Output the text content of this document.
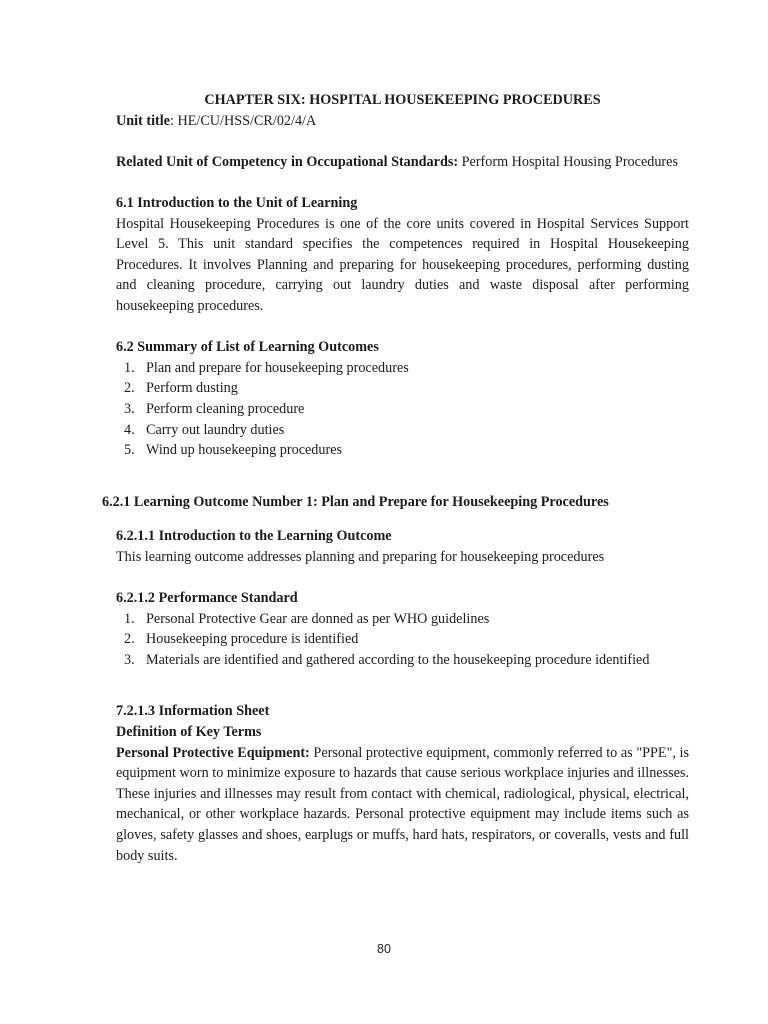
CHAPTER SIX: HOSPITAL HOUSEKEEPING PROCEDURES

Unit title: HE/CU/HSS/CR/02/4/A

Related Unit of Competency in Occupational Standards: Perform Hospital Housing Procedures

6.1 Introduction to the Unit of Learning

Hospital Housekeeping Procedures is one of the core units covered in Hospital Services Support Level 5. This unit standard specifies the competences required in Hospital Housekeeping Procedures. It involves Planning and preparing for housekeeping procedures, performing dusting and cleaning procedure, carrying out laundry duties and waste disposal after performing housekeeping procedures.

6.2 Summary of List of Learning Outcomes

1. Plan and prepare for housekeeping procedures
2. Perform dusting
3. Perform cleaning procedure
4. Carry out laundry duties
5. Wind up housekeeping procedures

6.2.1 Learning Outcome Number 1: Plan and Prepare for Housekeeping Procedures

6.2.1.1 Introduction to the Learning Outcome

This learning outcome addresses planning and preparing for housekeeping procedures

6.2.1.2 Performance Standard

1. Personal Protective Gear are donned as per WHO guidelines
2. Housekeeping procedure is identified
3. Materials are identified and gathered according to the housekeeping procedure identified

7.2.1.3 Information Sheet

Definition of Key Terms

Personal Protective Equipment: Personal protective equipment, commonly referred to as "PPE", is equipment worn to minimize exposure to hazards that cause serious workplace injuries and illnesses. These injuries and illnesses may result from contact with chemical, radiological, physical, electrical, mechanical, or other workplace hazards. Personal protective equipment may include items such as gloves, safety glasses and shoes, earplugs or muffs, hard hats, respirators, or coveralls, vests and full body suits.

80
